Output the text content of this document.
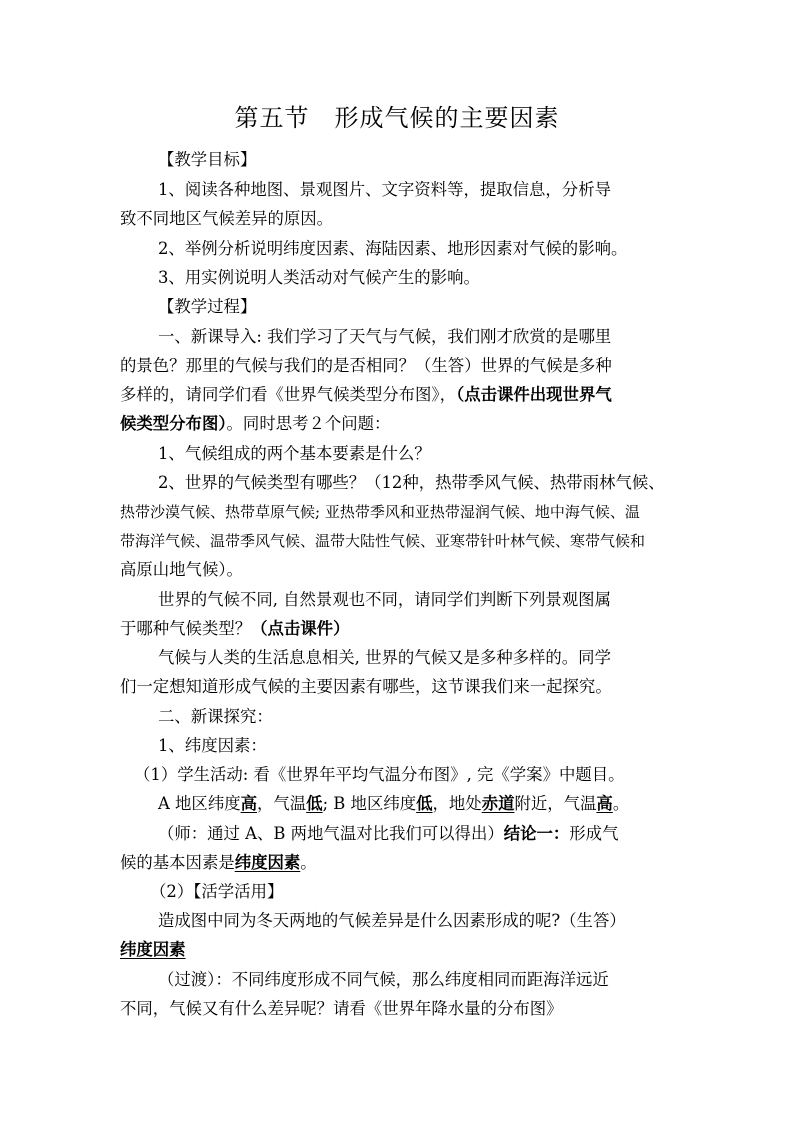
第五节　形成气候的主要因素
【教学目标】
1、阅读各种地图、景观图片、文字资料等，提取信息，分析导
致不同地区气候差异的原因。
2、举例分析说明纬度因素、海陆因素、地形因素对气候的影响。
3、用实例说明人类活动对气候产生的影响。
【教学过程】
一、新课导入: 我们学习了天气与气候，我们刚才欣赏的是哪里
的景色？那里的气候与我们的是否相同？（生答）世界的气候是多种
多样的，请同学们看《世界气候类型分布图》，（点击课件出现世界气
候类型分布图）。同时思考２个问题：
1、气候组成的两个基本要素是什么？
2、世界的气候类型有哪些？（12种，热带季风气候、热带雨林气候、
热带沙漠气候、热带草原气候; 亚热带季风和亚热带湿润气候、地中海气候、温
带海洋气候、温带季风气候、温带大陆性气候、亚寒带针叶林气候、寒带气候和
高原山地气候）。
世界的气候不同, 自然景观也不同，请同学们判断下列景观图属
于哪种气候类型？（点击课件）
气候与人类的生活息息相关, 世界的气候又是多种多样的。同学
们一定想知道形成气候的主要因素有哪些，这节课我们来一起探究。
二、新课探究：
1、纬度因素：
（1）学生活动: 看《世界年平均气温分布图》, 完《学案》中题目。
A 地区纬度高，气温低; B 地区纬度低，地处赤道附近，气温高。
（师：通过 A、B 两地气温对比我们可以得出）结论一：形成气
候的基本因素是纬度因素。
（2）【活学活用】
造成图中同为冬天两地的气候差异是什么因素形成的呢?（生答）
纬度因素
（过渡）：不同纬度形成不同气候，那么纬度相同而距海洋远近
不同，气候又有什么差异呢？请看《世界年降水量的分布图》
